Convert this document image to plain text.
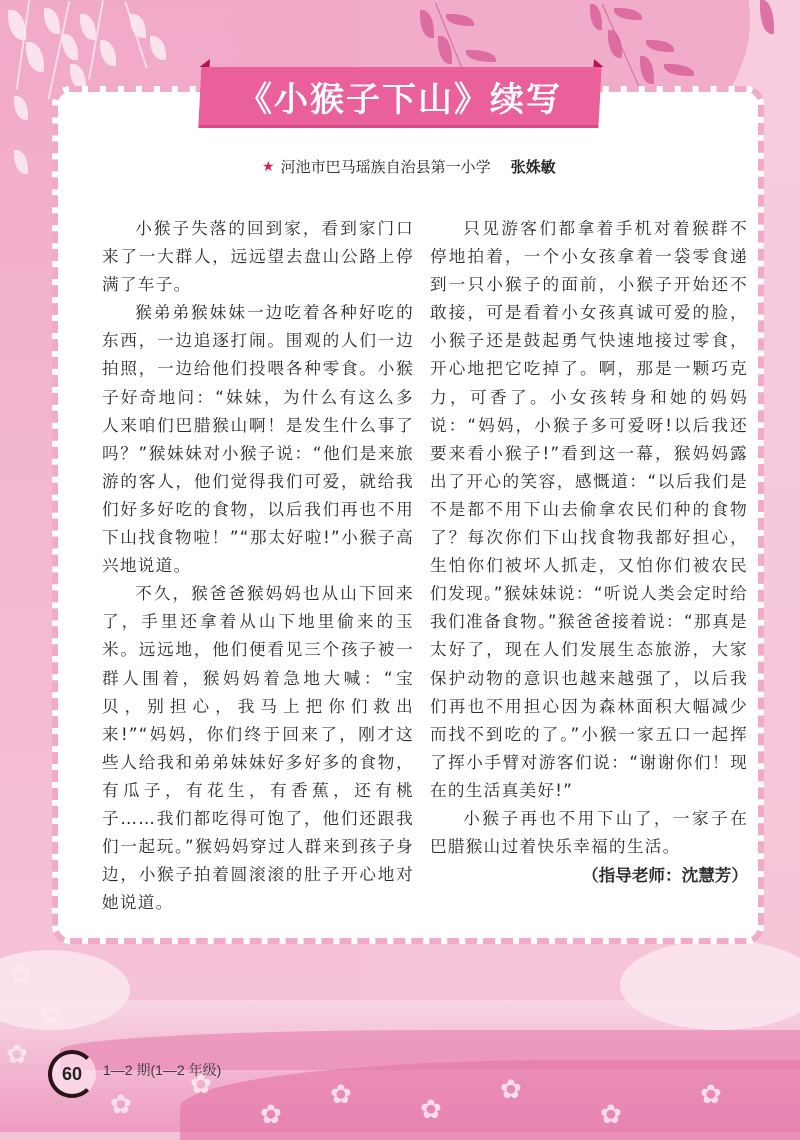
✿
✿
✿
✿
✿
✿
✿	✿
✿
✿
✿
《小猴子下山》续写
★ 河池市巴马瑶族自治县第一小学 张姝敏

小猴子失落的回到家，看到家门口来了一大群人，远远望去盘山公路上停满了车子。

猴弟弟猴妹妹一边吃着各种好吃的东西，一边追逐打闹。围观的人们一边拍照，一边给他们投喂各种零食。小猴子好奇地问：“妹妹，为什么有这么多人来咱们巴腊猴山啊！是发生什么事了吗？”猴妹妹对小猴子说：“他们是来旅游的客人，他们觉得我们可爱，就给我们好多好吃的食物，以后我们再也不用下山找食物啦！”“那太好啦!”小猴子高兴地说道。

不久，猴爸爸猴妈妈也从山下回来了，手里还拿着从山下地里偷来的玉米。远远地，他们便看见三个孩子被一群人围着，猴妈妈着急地大喊：“宝贝，别担心，我马上把你们救出来!”“妈妈，你们终于回来了，刚才这些人给我和弟弟妹妹好多好多的食物，有瓜子，有花生，有香蕉，还有桃子……我们都吃得可饱了，他们还跟我们一起玩。”猴妈妈穿过人群来到孩子身边，小猴子拍着圆滚滚的肚子开心地对她说道。

只见游客们都拿着手机对着猴群不停地拍着，一个小女孩拿着一袋零食递到一只小猴子的面前，小猴子开始还不敢接，可是看着小女孩真诚可爱的脸，小猴子还是鼓起勇气快速地接过零食，开心地把它吃掉了。啊，那是一颗巧克力，可香了。小女孩转身和她的妈妈说：“妈妈，小猴子多可爱呀!以后我还要来看小猴子!”看到这一幕，猴妈妈露出了开心的笑容，感慨道：“以后我们是不是都不用下山去偷拿农民们种的食物了？每次你们下山找食物我都好担心，生怕你们被坏人抓走，又怕你们被农民们发现。”猴妹妹说：“听说人类会定时给我们准备食物。”猴爸爸接着说：“那真是太好了，现在人们发展生态旅游，大家保护动物的意识也越来越强了，以后我们再也不用担心因为森林面积大幅减少而找不到吃的了。”小猴一家五口一起挥了挥小手臂对游客们说：“谢谢你们！现在的生活真美好!”

小猴子再也不用下山了，一家子在巴腊猴山过着快乐幸福的生活。

（指导老师：沈慧芳）

60 1—2 期(1—2 年级)
